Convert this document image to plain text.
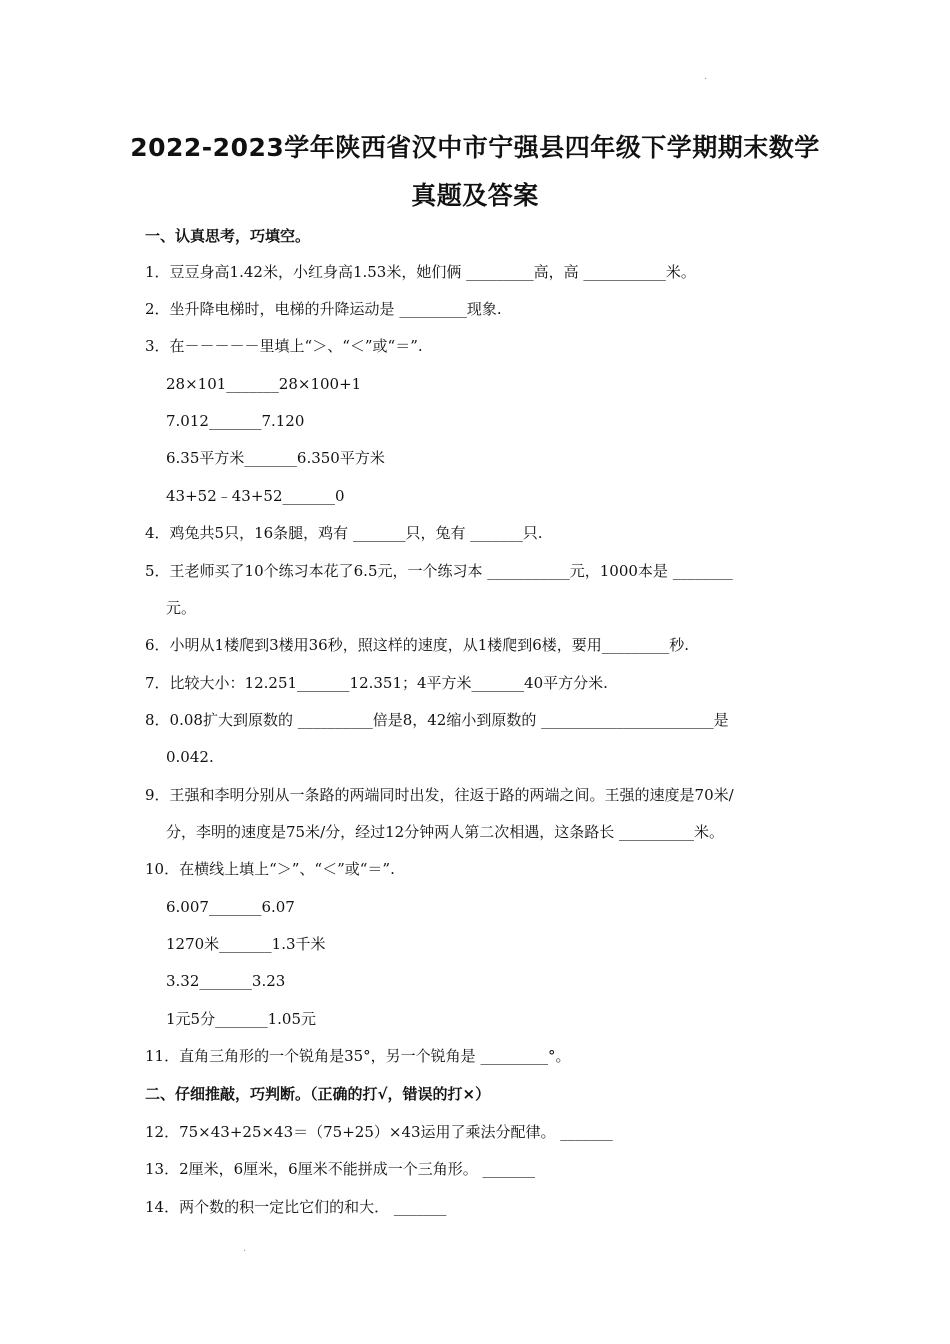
·
2022-2023学年陕西省汉中市宁强县四年级下学期期末数学
真题及答案
一、认真思考，巧填空。
1．豆豆身高1.42米，小红身高1.53米，她们俩 _________高，高 ___________米。
2．坐升降电梯时，电梯的升降运动是 _________现象.
3．在－－－－－里填上“＞、“＜”或“＝”.
28×101_______28×100+1
7.012_______7.120
6.35平方米_______6.350平方米
43+52﹣43+52_______0
4．鸡兔共5只，16条腿，鸡有 _______只，兔有 _______只.
5．王老师买了10个练习本花了6.5元，一个练习本 ___________元，1000本是 ________
元。
6．小明从1楼爬到3楼用36秒，照这样的速度，从1楼爬到6楼，要用_________秒.
7．比较大小：12.251_______12.351；4平方米_______40平方分米.
8．0.08扩大到原数的 __________倍是8，42缩小到原数的 _______________________是
0.042.
9．王强和李明分别从一条路的两端同时出发，往返于路的两端之间。王强的速度是70米/
分，李明的速度是75米/分，经过12分钟两人第二次相遇，这条路长 __________米。
10．在横线上填上“＞”、“＜”或“＝”.
6.007_______6.07
1270米_______1.3千米
3.32_______3.23
1元5分_______1.05元
11．直角三角形的一个锐角是35°，另一个锐角是 _________°。
二、仔细推敲，巧判断。（正确的打√，错误的打×）
12．75×43+25×43＝（75+25）×43运用了乘法分配律。 _______
13．2厘米，6厘米，6厘米不能拼成一个三角形。 _______
14．两个数的积一定比它们的和大． _______
·
